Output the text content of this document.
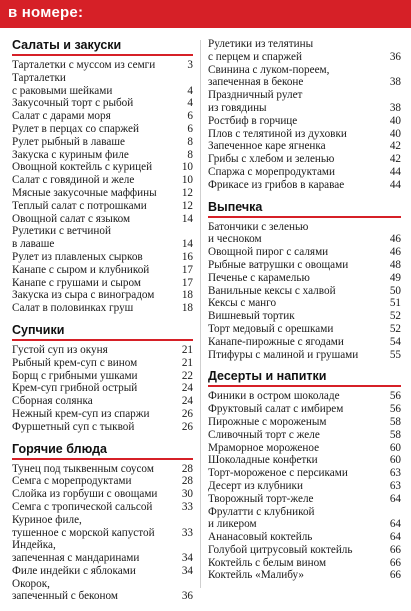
в номере:
Салаты и закуски
Тарталетки с муссом из семги	3
Тарталетки
с раковыми шейками	4
Закусочный торт с рыбой	4
Салат с дарами моря	6
Рулет в перцах со спаржей	6
Рулет рыбный в лаваше	8
Закуска с куриным филе	8
Овощной коктейль с курицей	10
Салат с говядиной и желе	10
Мясные закусочные маффины	12
Теплый салат с потрошками	12
Овощной салат с языком	14
Рулетики с ветчиной
в лаваше	14
Рулет из плавленых сырков	16
Канапе с сыром и клубникой	17
Канапе с грушами и сыром	17
Закуска из сыра с виноградом	18
Салат в половинках груш	18
Супчики
Густой суп из окуня	21
Рыбный крем-суп с вином	21
Борщ с грибными ушками	22
Крем-суп грибной острый	24
Сборная солянка	24
Нежный крем-суп из спаржи	26
Фуршетный суп с тыквой	26
Горячие блюда
Тунец под тыквенным соусом	28
Семга с морепродуктами	28
Слойка из горбуши с овощами	30
Семга с тропической сальсой	33
Куриное филе,
тушенное с морской капустой	33
Индейка,
запеченная с мандаринами	34
Филе индейки с яблоками	34
Окорок,
запеченный с беконом	36
Рулетики из телятины
с перцем и спаржей	36
Свинина с луком-пореем,
запеченная в беконе	38
Праздничный рулет
из говядины	38
Ростбиф в горчице	40
Плов с телятиной из духовки	40
Запеченное каре ягненка	42
Грибы с хлебом и зеленью	42
Спаржа с морепродуктами	44
Фрикасе из грибов в караваe	44
Выпечка
Батончики с зеленью
и чесноком	46
Овощной пирог с салями	46
Рыбные ватрушки с овощами	48
Печенье с карамелью	49
Ванильные кексы с халвой	50
Кексы с манго	51
Вишневый тортик	52
Торт медовый с орешками	52
Канапе-пирожные с ягодами	54
Птифуры с малиной и грушами	55
Десерты и напитки
Финики в остром шоколаде	56
Фруктовый салат с имбирем	56
Пирожные с мороженым	58
Сливочный торт с желе	58
Мраморное мороженое	60
Шоколадные конфетки	60
Торт-мороженое с персиками	63
Десерт из клубники	63
Творожный торт-желе	64
Фрулатти с клубникой
и ликером	64
Ананасовый коктейль	64
Голубой цитрусовый коктейль	66
Коктейль с белым вином	66
Коктейль «Малибу»	66
